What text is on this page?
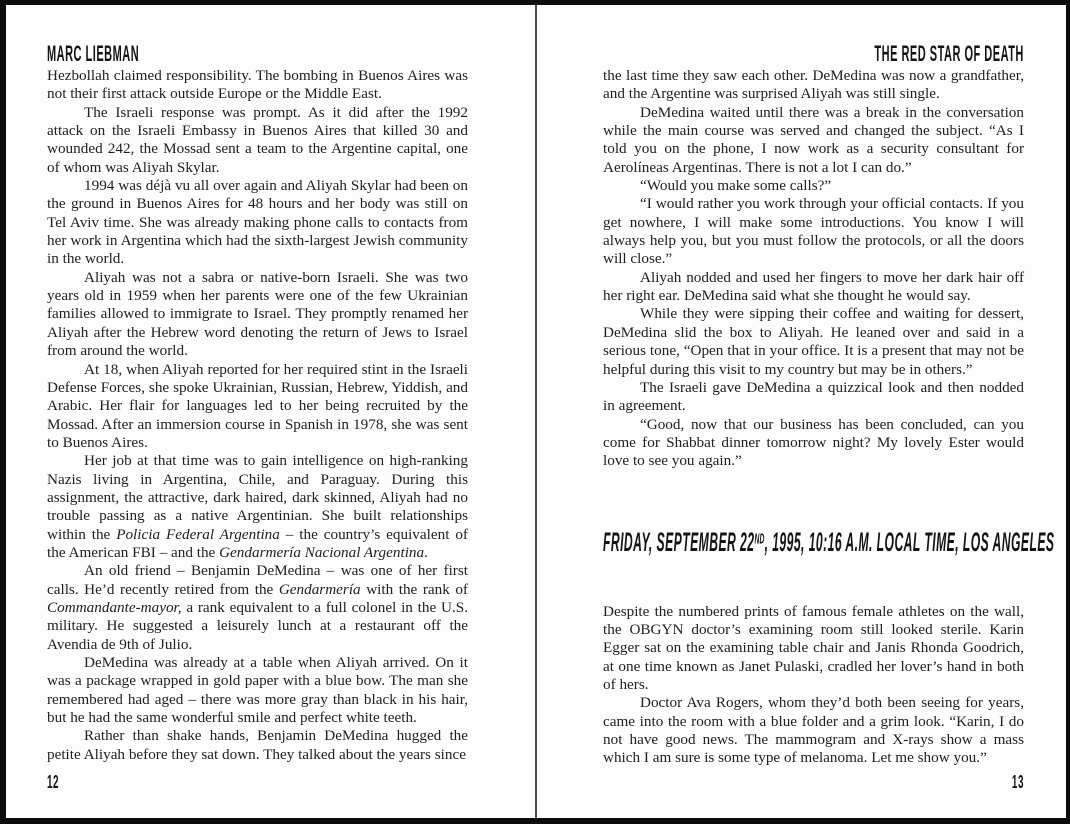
MARC LIEBMAN

Hezbollah claimed responsibility. The bombing in Buenos Aires was not their first attack outside Europe or the Middle East.

The Israeli response was prompt. As it did after the 1992 attack on the Israeli Embassy in Buenos Aires that killed 30 and wounded 242, the Mossad sent a team to the Argentine capital, one of whom was Aliyah Skylar.

1994 was déjà vu all over again and Aliyah Skylar had been on the ground in Buenos Aires for 48 hours and her body was still on Tel Aviv time. She was already making phone calls to contacts from her work in Argentina which had the sixth-largest Jewish community in the world.

Aliyah was not a sabra or native-born Israeli. She was two years old in 1959 when her parents were one of the few Ukrainian families allowed to immigrate to Israel. They promptly renamed her Aliyah after the Hebrew word denoting the return of Jews to Israel from around the world.

At 18, when Aliyah reported for her required stint in the Israeli Defense Forces, she spoke Ukrainian, Russian, Hebrew, Yiddish, and Arabic. Her flair for languages led to her being recruited by the Mossad. After an immersion course in Spanish in 1978, she was sent to Buenos Aires.

Her job at that time was to gain intelligence on high-ranking Nazis living in Argentina, Chile, and Paraguay. During this assignment, the attractive, dark haired, dark skinned, Aliyah had no trouble passing as a native Argentinian. She built relationships within the Policia Federal Argentina – the country’s equivalent of the American FBI – and the Gendarmería Nacional Argentina.

An old friend – Benjamin DeMedina – was one of her first calls. He’d recently retired from the Gendarmería with the rank of Commandante-mayor, a rank equivalent to a full colonel in the U.S. military. He suggested a leisurely lunch at a restaurant off the Avendia de 9th of Julio.

DeMedina was already at a table when Aliyah arrived. On it was a package wrapped in gold paper with a blue bow. The man she remembered had aged – there was more gray than black in his hair, but he had the same wonderful smile and perfect white teeth.

Rather than shake hands, Benjamin DeMedina hugged the petite Aliyah before they sat down. They talked about the years since

12
THE RED STAR OF DEATH

the last time they saw each other. DeMedina was now a grandfather, and the Argentine was surprised Aliyah was still single.

DeMedina waited until there was a break in the conversation while the main course was served and changed the subject. “As I told you on the phone, I now work as a security consultant for Aerolíneas Argentinas. There is not a lot I can do.”

“Would you make some calls?”

“I would rather you work through your official contacts. If you get nowhere, I will make some introductions. You know I will always help you, but you must follow the protocols, or all the doors will close.”

Aliyah nodded and used her fingers to move her dark hair off her right ear. DeMedina said what she thought he would say.

While they were sipping their coffee and waiting for dessert, DeMedina slid the box to Aliyah. He leaned over and said in a serious tone, “Open that in your office. It is a present that may not be helpful during this visit to my country but may be in others.”

The Israeli gave DeMedina a quizzical look and then nodded in agreement.

“Good, now that our business has been concluded, can you come for Shabbat dinner tomorrow night? My lovely Ester would love to see you again.”

FRIDAY, SEPTEMBER 22ND, 1995, 10:16 A.M. LOCAL TIME, LOS ANGELES

Despite the numbered prints of famous female athletes on the wall, the OBGYN doctor’s examining room still looked sterile. Karin Egger sat on the examining table chair and Janis Rhonda Goodrich, at one time known as Janet Pulaski, cradled her lover’s hand in both of hers.

Doctor Ava Rogers, whom they’d both been seeing for years, came into the room with a blue folder and a grim look. “Karin, I do not have good news. The mammogram and X-rays show a mass which I am sure is some type of melanoma. Let me show you.”

13
